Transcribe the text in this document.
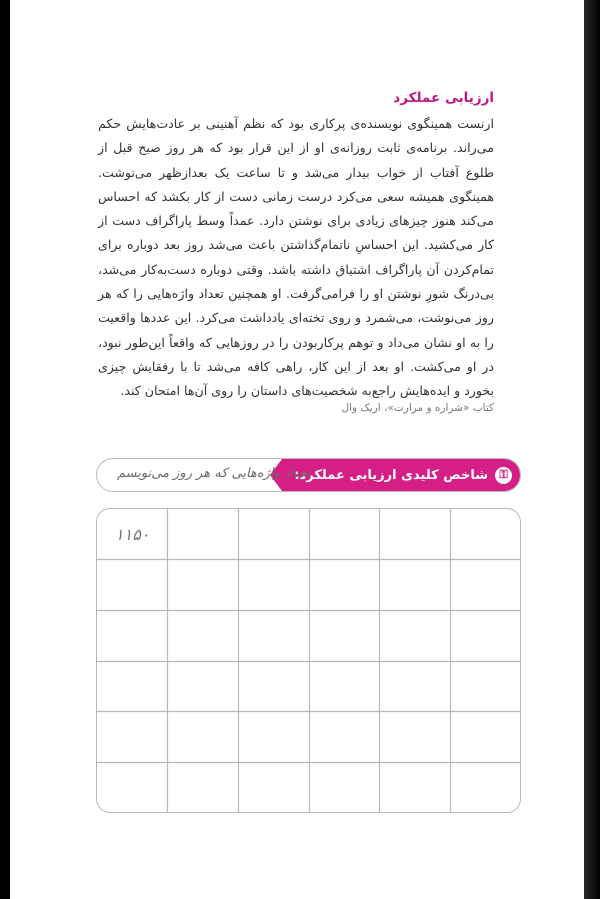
ارزیابی عملکرد

ارنست همینگوی نویسنده‌ی پرکاری بود که نظم آهنینی بر عادت‌هایش حکم می‌راند. برنامه‌ی ثابت روزانه‌ی او از این قرار بود که هر روز صبح قبل از طلوع آفتاب از خواب بیدار می‌شد و تا ساعت یک بعدازظهر می‌نوشت. همینگوی همیشه سعی می‌کرد درست زمانی دست از کار بکشد که احساس می‌کند هنوز چیزهای زیادی برای نوشتن دارد. عمداً وسط پاراگراف دست از کار می‌کشید. این احساسِ ناتمام‌گذاشتن باعث می‌شد روز بعد دوباره برای تمام‌کردن آن پاراگراف اشتیاق داشته باشد. وقتی دوباره دست‌به‌کار می‌شد، بی‌درنگ شورِ نوشتن او را فرامی‌گرفت. او همچنین تعداد واژه‌هایی را که هر روز می‌نوشت، می‌شمرد و روی تخته‌ای یادداشت می‌کرد. این عددها واقعیت را به او نشان می‌داد و توهم پرکاربودن را در روزهایی که واقعاً این‌طور نبود، در او می‌کشت. او بعد از این کار، راهی کافه می‌شد تا با رفقایش چیزی بخورد و ایده‌هایش راجع‌به شخصیت‌های داستان را روی آن‌ها امتحان کند.

کتاب «شراره و مرارت»، اریک وال

⚿
شاخص کلیدی ارزیابی عملکرد:
تعداد واژه‌هایی که هر روز می‌نویسم
۱۱۵۰
